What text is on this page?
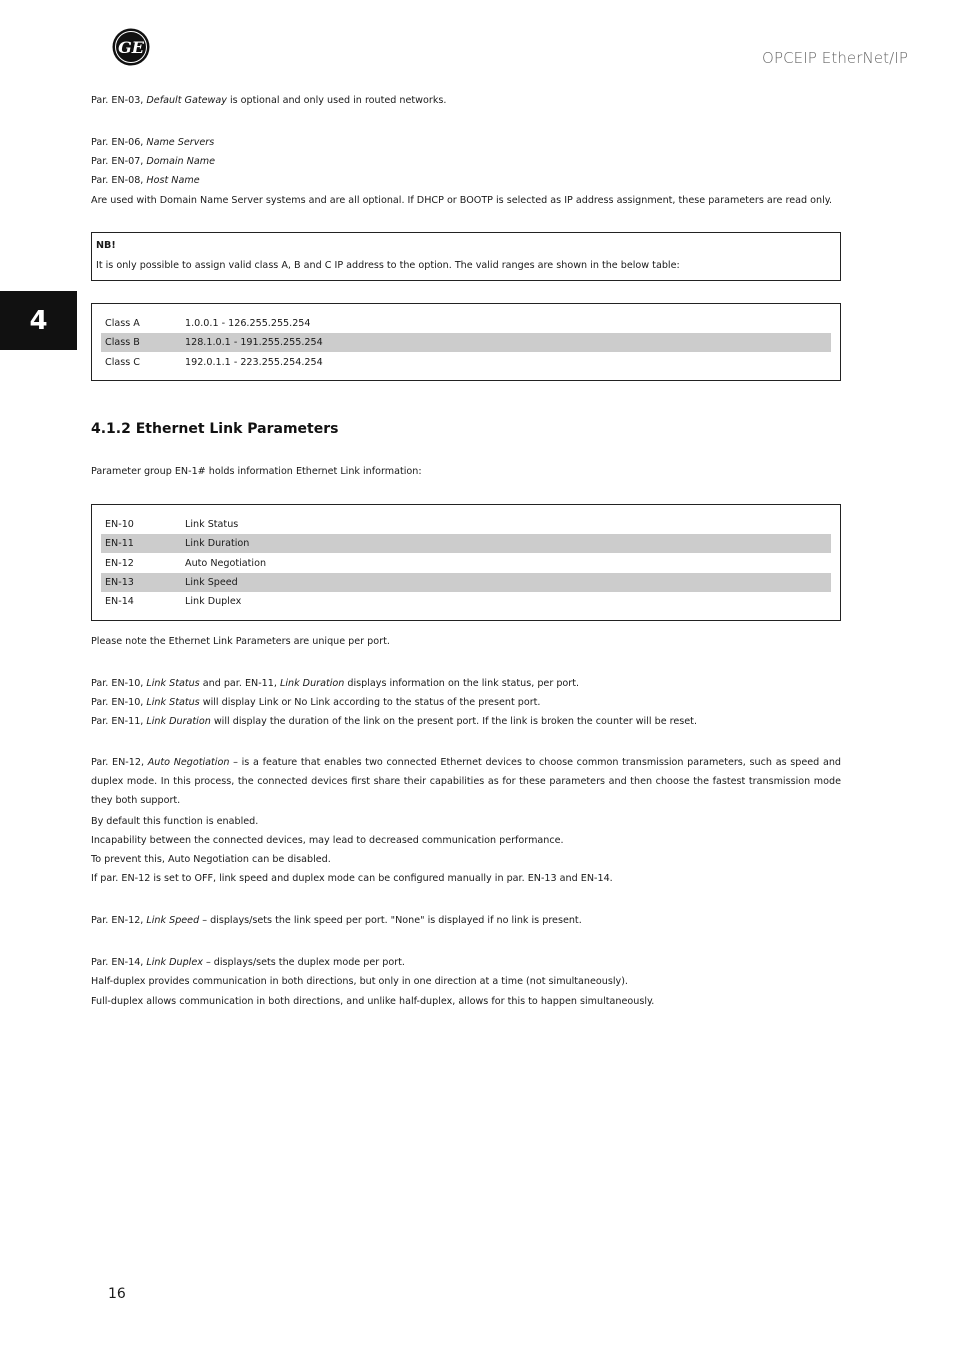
GE
OPCEIP EtherNet/IP
4
Par. EN-03, Default Gateway is optional and only used in routed networks.
Par. EN-06, Name Servers
Par. EN-07, Domain Name
Par. EN-08, Host Name
Are used with Domain Name Server systems and are all optional. If DHCP or BOOTP is selected as IP address assignment, these parameters are read only.
NB!
It is only possible to assign valid class A, B and C IP address to the option. The valid ranges are shown in the below table:
Class A	1.0.0.1 - 126.255.255.254
Class B	128.1.0.1 - 191.255.255.254
Class C	192.0.1.1 - 223.255.254.254
4.1.2 Ethernet Link Parameters
Parameter group EN-1# holds information Ethernet Link information:
EN-10	Link Status
EN-11	Link Duration
EN-12	Auto Negotiation
EN-13	Link Speed
EN-14	Link Duplex
Please note the Ethernet Link Parameters are unique per port.
Par. EN-10, Link Status and par. EN-11, Link Duration displays information on the link status, per port.
Par. EN-10, Link Status will display Link or No Link according to the status of the present port.
Par. EN-11, Link Duration will display the duration of the link on the present port. If the link is broken the counter will be reset.
Par. EN-12, Auto Negotiation – is a feature that enables two connected Ethernet devices to choose common transmission parameters, such as speed and duplex mode. In this process, the connected devices first share their capabilities as for these parameters and then choose the fastest transmission mode they both support.
By default this function is enabled.
Incapability between the connected devices, may lead to decreased communication performance.
To prevent this, Auto Negotiation can be disabled.
If par. EN-12 is set to OFF, link speed and duplex mode can be configured manually in par. EN-13 and EN-14.
Par. EN-12, Link Speed – displays/sets the link speed per port. "None" is displayed if no link is present.
Par. EN-14, Link Duplex – displays/sets the duplex mode per port.
Half-duplex provides communication in both directions, but only in one direction at a time (not simultaneously).
Full-duplex allows communication in both directions, and unlike half-duplex, allows for this to happen simultaneously.
16
